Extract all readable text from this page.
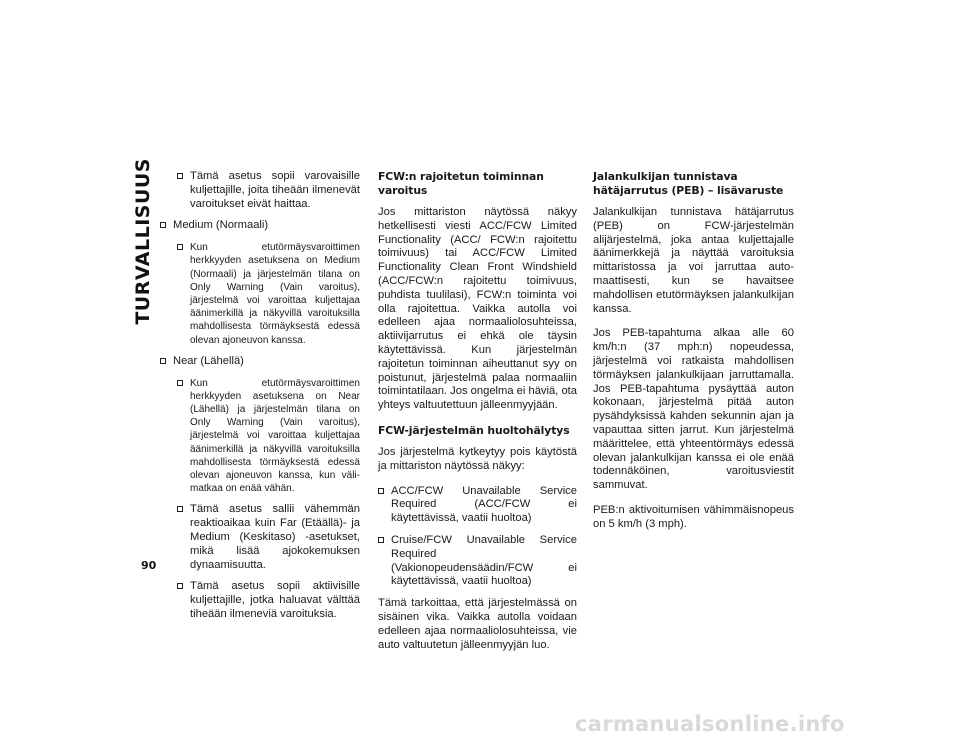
TURVALLISUUS
90
Tämä asetus sopii varovaisille kuljettajille, joita tiheään ilmenevät varoitukset eivät haittaa.
Medium (Normaali)
Kun etutörmäysvaroittimen herkkyyden asetuksena on Medium (Normaali) ja järjestelmän tilana on Only Warning (Vain varoitus), järjestelmä voi varoittaa kuljettajaa äänimerkillä ja näkyvillä varoituksilla mahdollisesta törmäyksestä edessä olevan ajoneuvon kanssa.
Near (Lähellä)
Kun etutörmäysvaroittimen herkkyyden asetuksena on Near (Lähellä) ja järjestelmän tilana on Only Warning (Vain varoitus), järjestelmä voi varoittaa kuljettajaa äänimerkillä ja näkyvillä varoituksilla mahdollisesta törmäyksestä edessä olevan ajoneuvon kanssa, kun välimatkaa on enää vähän.
Tämä asetus sallii vähemmän reaktioaikaa kuin Far (Etäällä)- ja Medium (Keskitaso) -asetukset, mikä lisää ajokokemuksen dynaamisuutta.
Tämä asetus sopii aktiivisille kuljettajille, jotka haluavat välttää tiheään ilmeneviä varoituksia.
FCW:n rajoitetun toiminnan varoitus

Jos mittariston näytössä näkyy hetkellisesti viesti ACC/FCW Limited Functionality (ACC/ FCW:n rajoitettu toimivuus) tai ACC/FCW Limited Functionality Clean Front Windshield (ACC/FCW:n rajoitettu toimivuus, puhdista tuulilasi), FCW:n toiminta voi olla rajoitettua. Vaikka autolla voi edelleen ajaa normaaliolosuhteissa, aktiivijarrutus ei ehkä ole täysin käytettävissä. Kun järjestelmän rajoitetun toiminnan aiheuttanut syy on poistunut, järjestelmä palaa normaaliin toimintatilaan. Jos ongelma ei häviä, ota yhteys valtuutettuun jälleenmyyjään.

FCW-järjestelmän huoltohälytys

Jos järjestelmä kytkeytyy pois käytöstä ja mittariston näytössä näkyy:

ACC/FCW Unavailable Service Required (ACC/FCW ei käytettävissä, vaatii huoltoa)
Cruise/FCW Unavailable Service Required (Vakionopeudensäädin/FCW ei käytettävissä, vaatii huoltoa)

Tämä tarkoittaa, että järjestelmässä on sisäinen vika. Vaikka autolla voidaan edelleen ajaa normaaliolosuhteissa, vie auto valtuutetun jälleenmyyjän luo.

Jalankulkijan tunnistava hätäjarrutus (PEB) – lisävaruste

Jalankulkijan tunnistava hätäjarrutus (PEB) on FCW-järjestelmän alijärjestelmä, joka antaa kuljettajalle äänimerkkejä ja näyttää varoituksia mittaristossa ja voi jarruttaa automaattisesti, kun se havaitsee mahdollisen etutörmäyksen jalankulkijan kanssa.

Jos PEB-tapahtuma alkaa alle 60 km/h:n (37 mph:n) nopeudessa, järjestelmä voi ratkaista mahdollisen törmäyksen jalankulkijaan jarruttamalla. Jos PEB-tapahtuma pysäyttää auton kokonaan, järjestelmä pitää auton pysähdyksissä kahden sekunnin ajan ja vapauttaa sitten jarrut. Kun järjestelmä määrittelee, että yhteentörmäys edessä olevan jalankulkijan kanssa ei ole enää todennäköinen, varoitusviestit sammuvat.

PEB:n aktivoitumisen vähimmäisnopeus on 5 km/h (3 mph).

carmanualsonline.info
